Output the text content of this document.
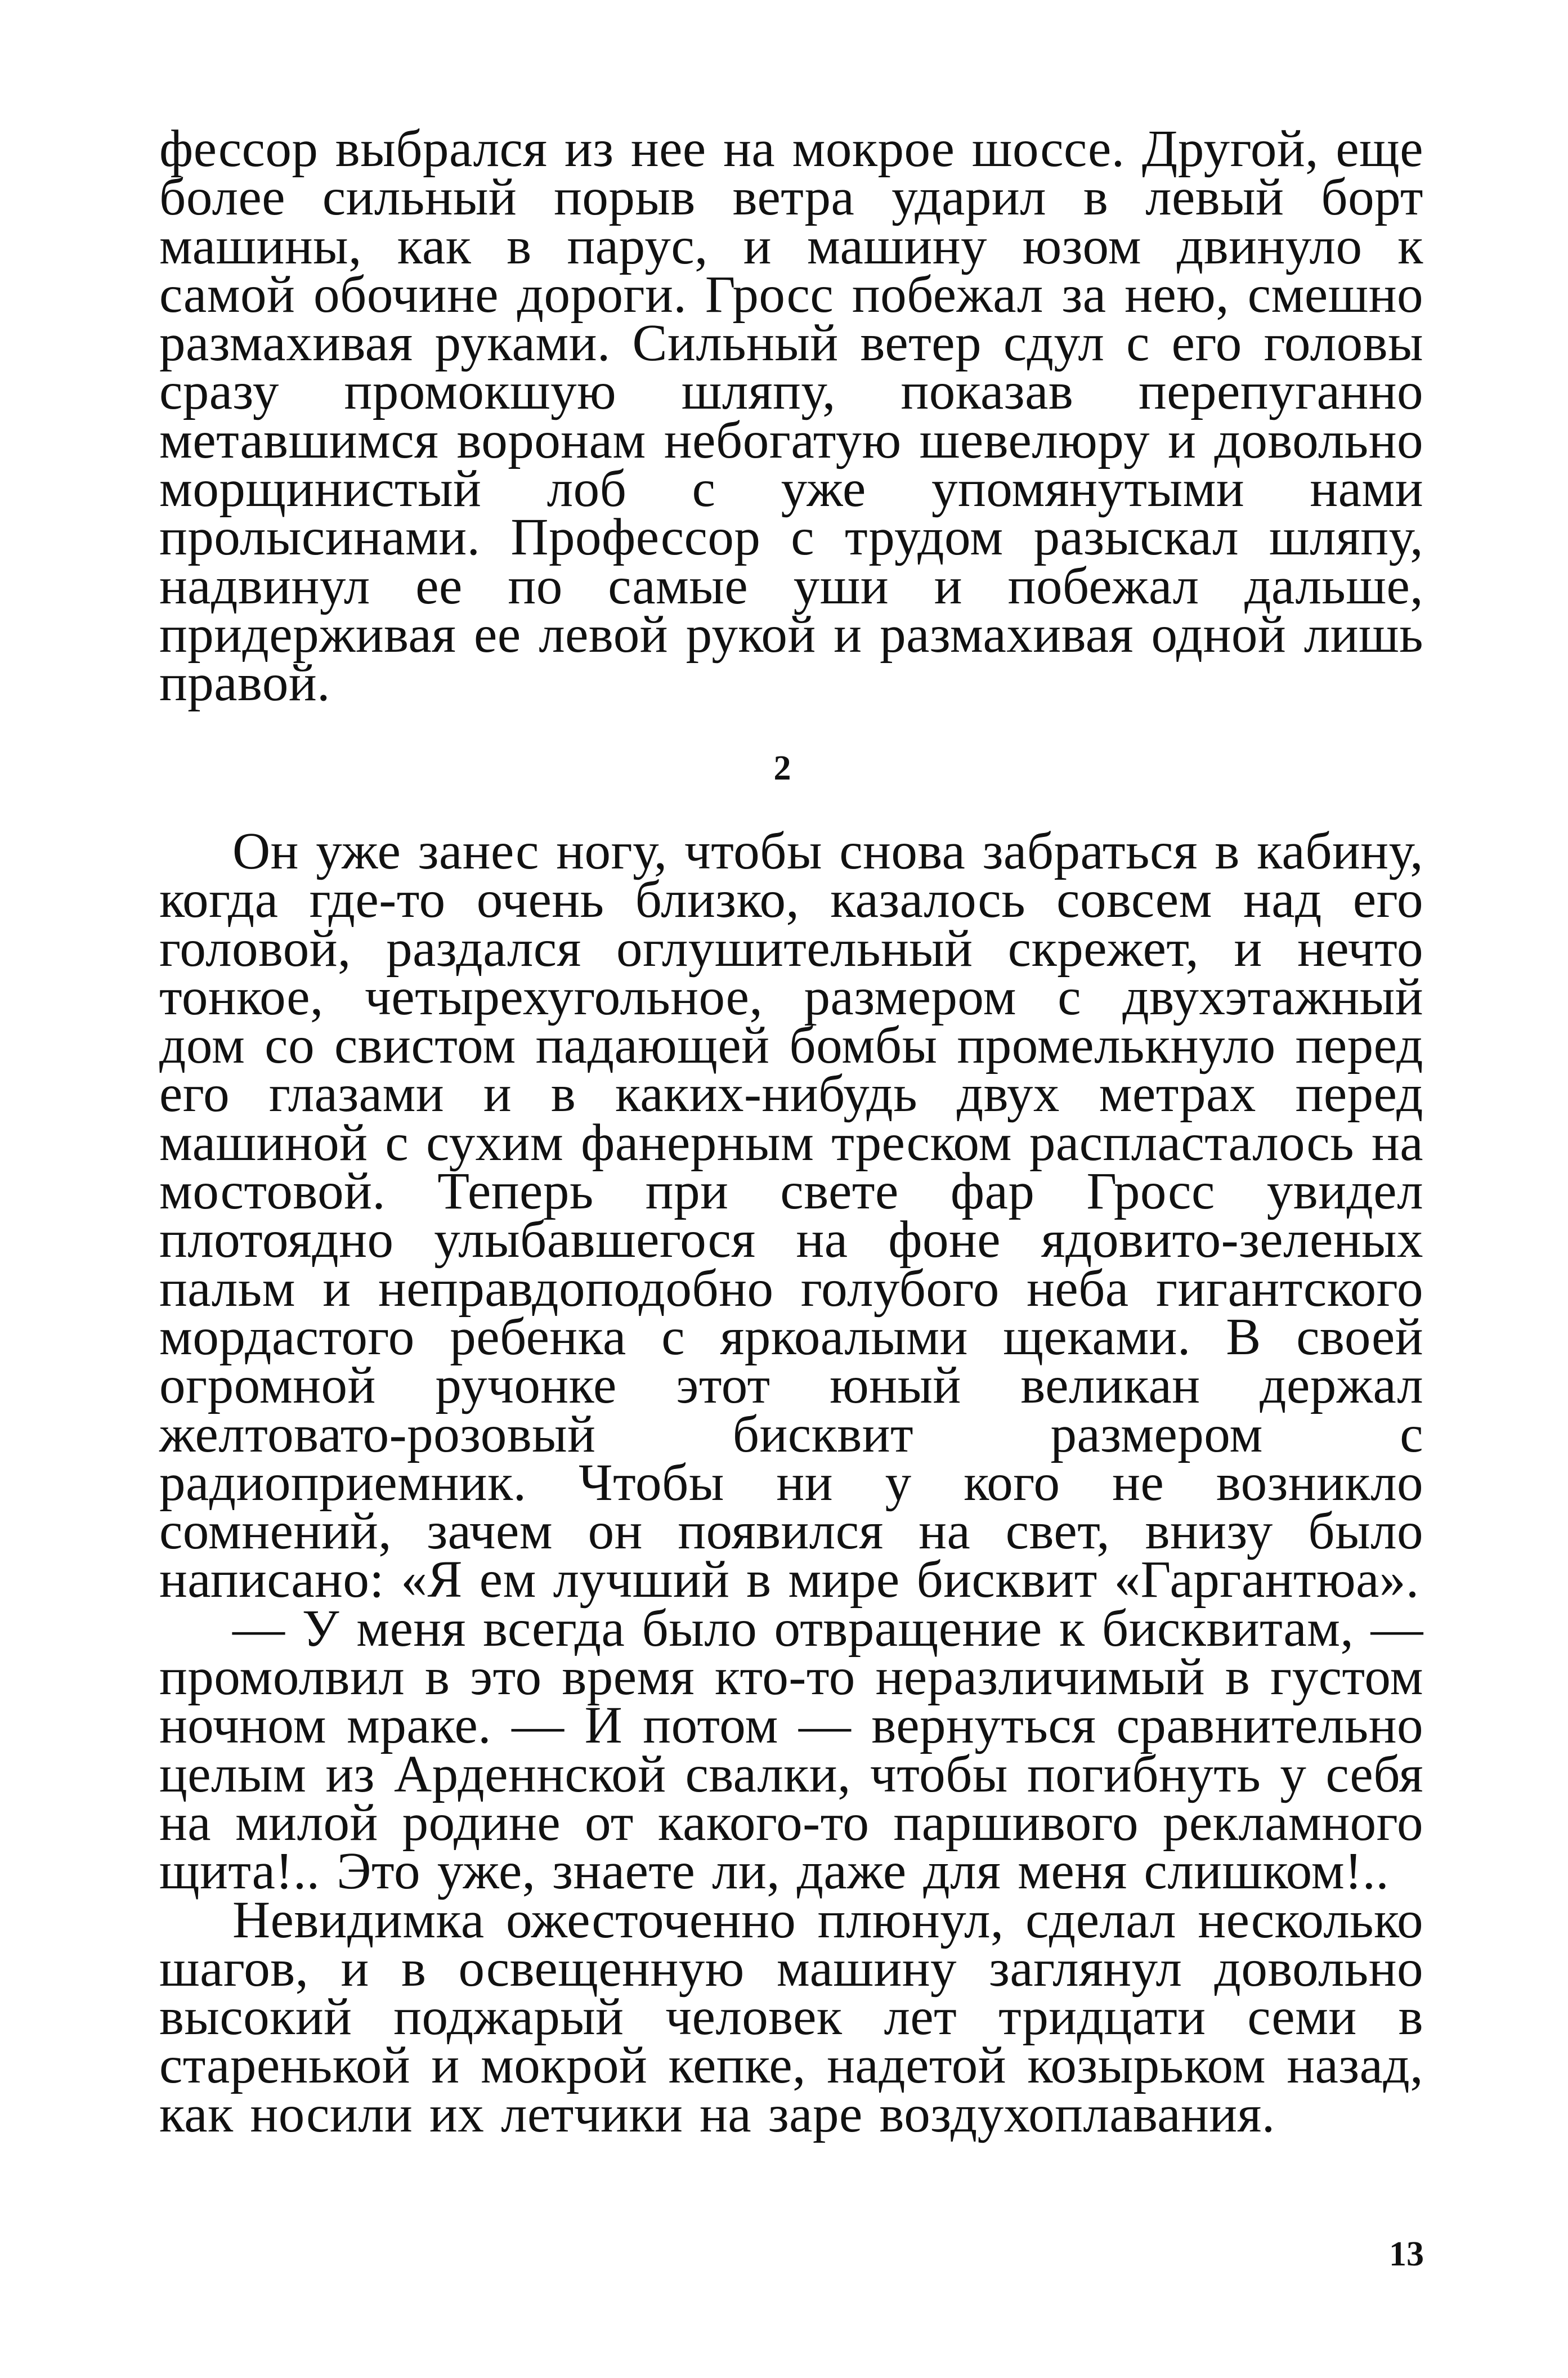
фессор выбрался из нее на мокрое шоссе. Другой, еще более сильный порыв ветра ударил в левый борт машины, как в парус, и машину юзом двинуло к самой обочине дороги. Гросс побежал за нею, смешно размахивая руками. Сильный ветер сдул с его головы сразу промокшую шляпу, показав перепуганно метавшимся воронам небогатую шевелюру и довольно морщинистый лоб с уже упомянутыми нами пролысинами. Профессор с трудом разыскал шляпу, надвинул ее по самые уши и побежал дальше, придерживая ее левой рукой и размахивая одной лишь правой.

2

Он уже занес ногу, чтобы снова забраться в кабину, когда где-то очень близко, казалось совсем над его головой, раздался оглушительный скрежет, и нечто тонкое, четырехугольное, размером с двухэтажный дом со свистом падающей бомбы промелькнуло перед его глазами и в каких-нибудь двух метрах перед машиной с сухим фанерным треском распласталось на мостовой. Теперь при свете фар Гросс увидел плотоядно улыбавшегося на фоне ядовито-зеленых пальм и неправдоподобно голубого неба гигантского мордастого ребенка с яркоалыми щеками. В своей огромной ручонке этот юный великан держал желтовато-розовый бисквит размером с радиоприемник. Чтобы ни у кого не возникло сомнений, зачем он появился на свет, внизу было написано: «Я ем лучший в мире бисквит «Гаргантюа».

— У меня всегда было отвращение к бисквитам, — промолвил в это время кто-то неразличимый в густом ночном мраке. — И потом — вернуться сравнительно целым из Арденнской свалки, чтобы погибнуть у себя на милой родине от какого-то паршивого рекламного щита!.. Это уже, знаете ли, даже для меня слишком!..

Невидимка ожесточенно плюнул, сделал несколько шагов, и в освещенную машину заглянул довольно высокий поджарый человек лет тридцати семи в старенькой и мокрой кепке, надетой козырьком назад, как носили их летчики на заре воздухоплавания.

13
